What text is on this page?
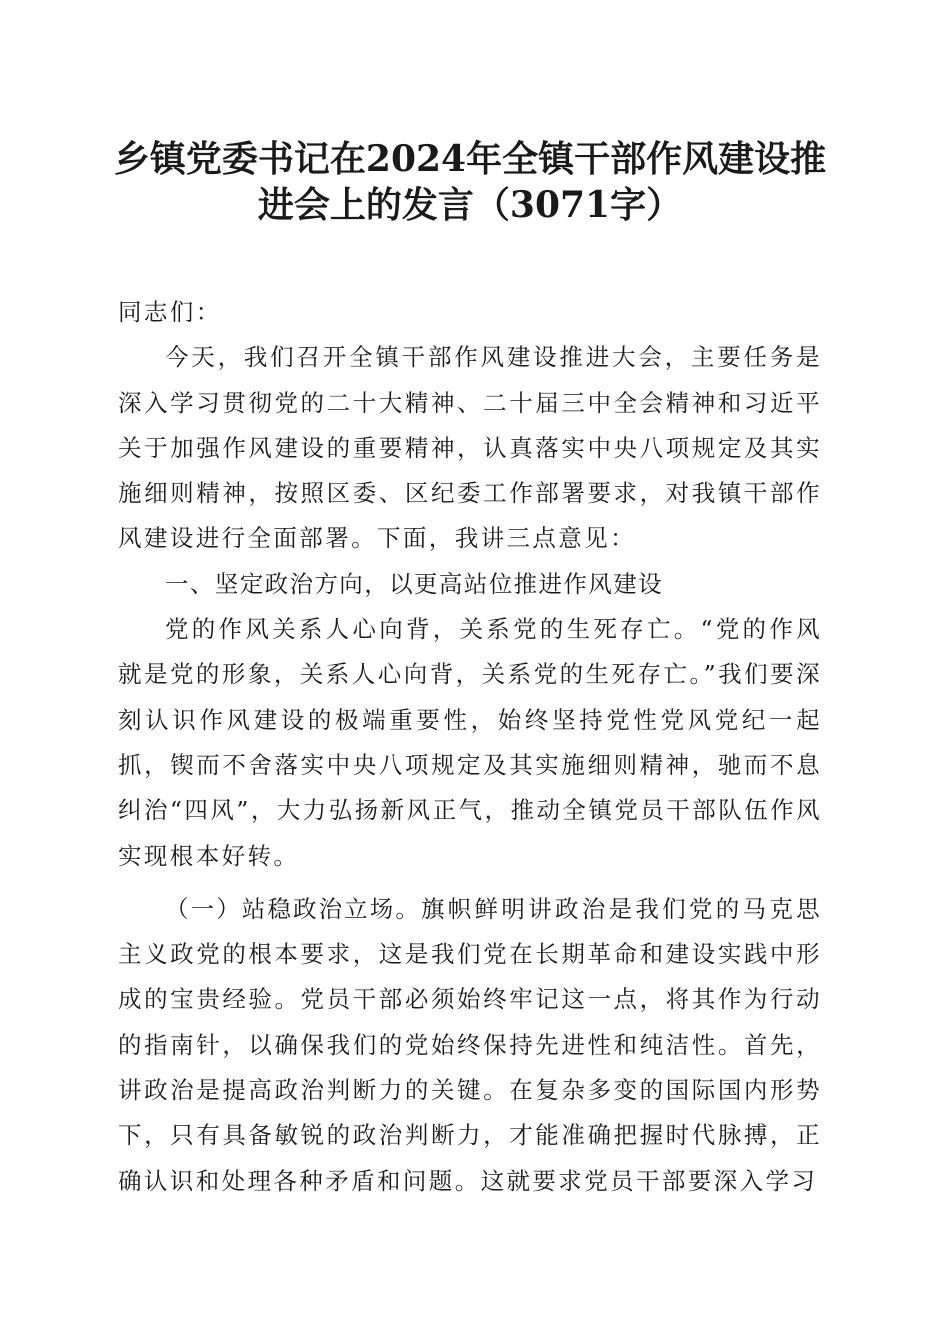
乡镇党委书记在2024年全镇干部作风建设推
进会上的发言（3071字）

同志们：

今天，我们召开全镇干部作风建设推进大会，主要任务是深入学习贯彻党的二十大精神、二十届三中全会精神和习近平关于加强作风建设的重要精神，认真落实中央八项规定及其实施细则精神，按照区委、区纪委工作部署要求，对我镇干部作风建设进行全面部署。下面，我讲三点意见：

一、坚定政治方向，以更高站位推进作风建设

党的作风关系人心向背，关系党的生死存亡。“党的作风就是党的形象，关系人心向背，关系党的生死存亡。”我们要深刻认识作风建设的极端重要性，始终坚持党性党风党纪一起抓，锲而不舍落实中央八项规定及其实施细则精神，驰而不息纠治“四风”，大力弘扬新风正气，推动全镇党员干部队伍作风实现根本好转。

（一）站稳政治立场。旗帜鲜明讲政治是我们党的马克思主义政党的根本要求，这是我们党在长期革命和建设实践中形成的宝贵经验。党员干部必须始终牢记这一点，将其作为行动的指南针，以确保我们的党始终保持先进性和纯洁性。首先，讲政治是提高政治判断力的关键。在复杂多变的国际国内形势下，只有具备敏锐的政治判断力，才能准确把握时代脉搏，正确认识和处理各种矛盾和问题。这就要求党员干部要深入学习
